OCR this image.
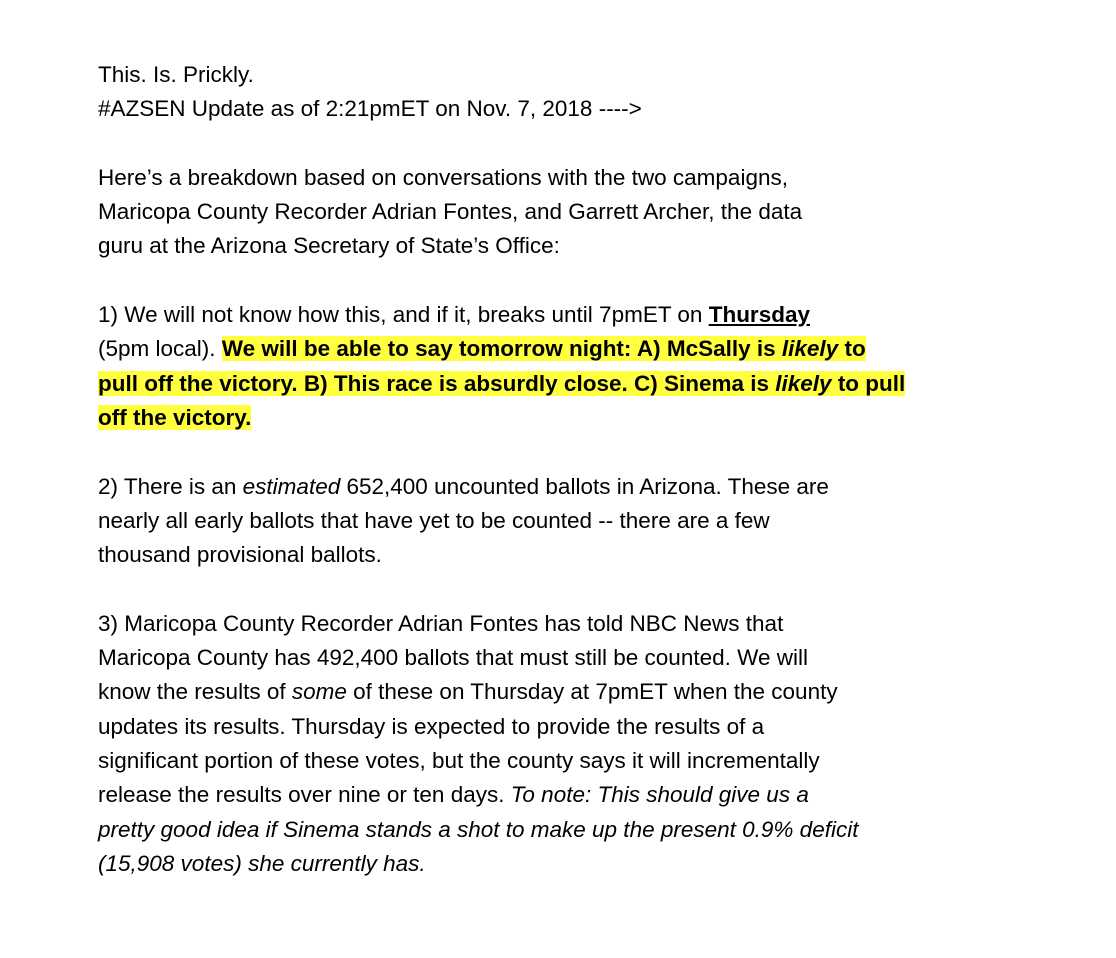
This. Is. Prickly.
#AZSEN Update as of 2:21pmET on Nov. 7, 2018 ---->
Here’s a breakdown based on conversations with the two campaigns,
Maricopa County Recorder Adrian Fontes, and Garrett Archer, the data
guru at the Arizona Secretary of State’s Office:
1) We will not know how this, and if it, breaks until 7pmET on Thursday
(5pm local). We will be able to say tomorrow night: A) McSally is likely to
pull off the victory. B) This race is absurdly close. C) Sinema is likely to pull
off the victory.
2) There is an estimated 652,400 uncounted ballots in Arizona. These are
nearly all early ballots that have yet to be counted -- there are a few
thousand provisional ballots.
3) Maricopa County Recorder Adrian Fontes has told NBC News that
Maricopa County has 492,400 ballots that must still be counted. We will
know the results of some of these on Thursday at 7pmET when the county
updates its results. Thursday is expected to provide the results of a
significant portion of these votes, but the county says it will incrementally
release the results over nine or ten days. To note: This should give us a
pretty good idea if Sinema stands a shot to make up the present 0.9% deficit
(15,908 votes) she currently has.
